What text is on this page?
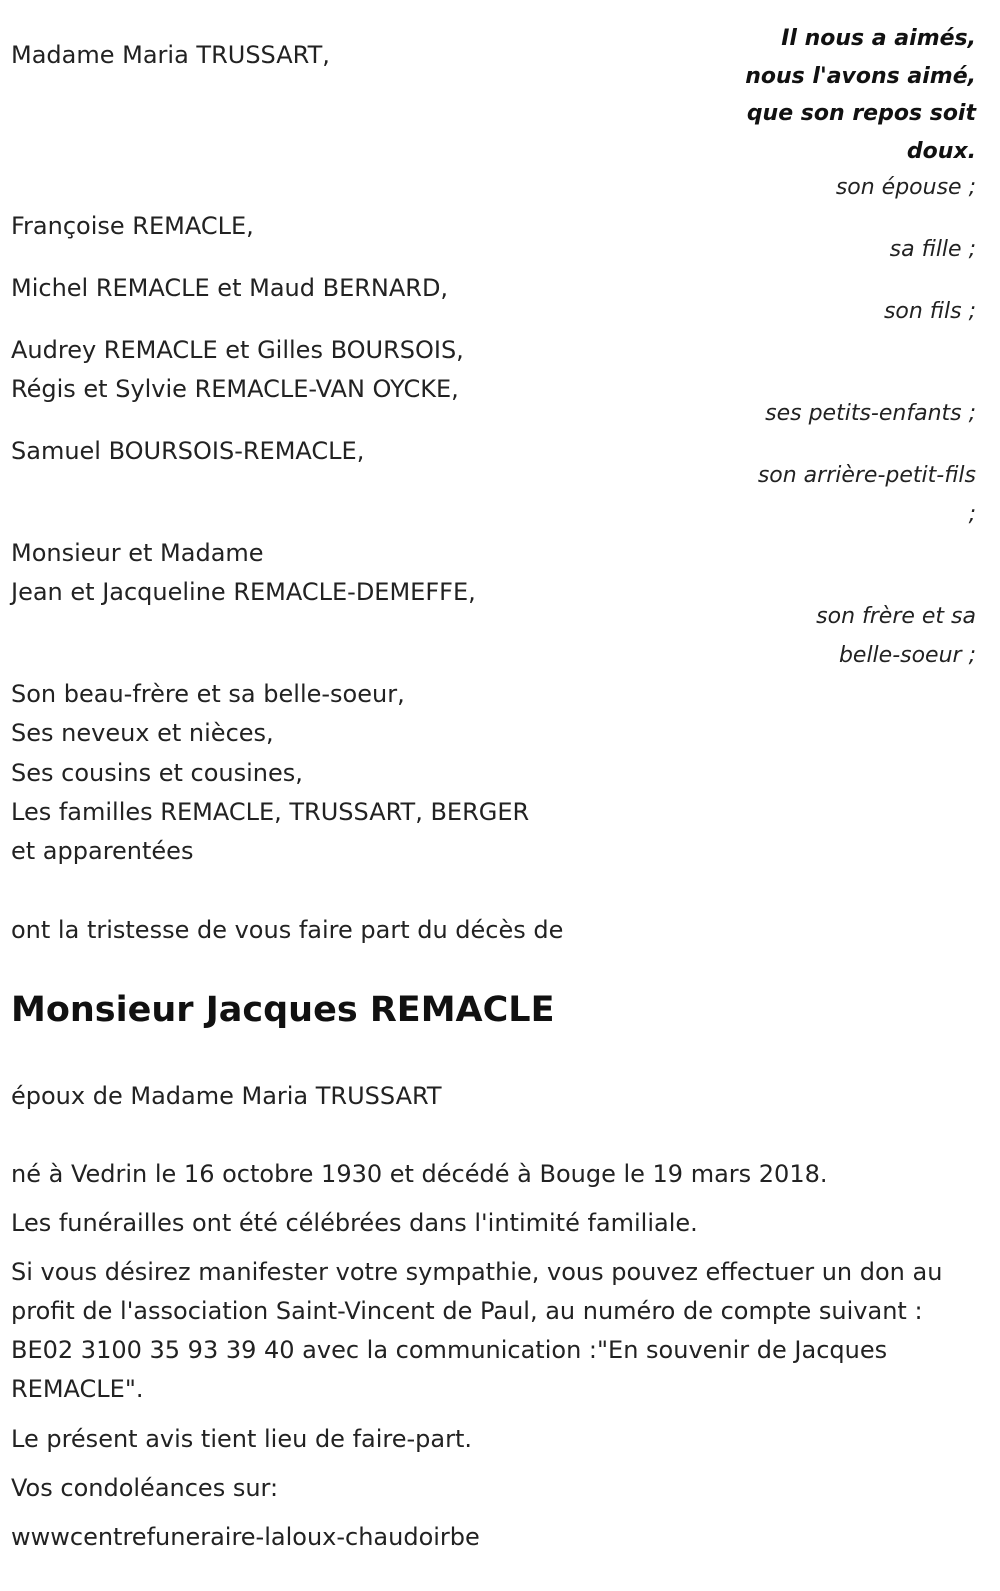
Il nous a aimés, nous l'avons aimé, que son repos soit doux.

Madame Maria TRUSSART,

son épouse ;

Françoise REMACLE,

sa fille ;

Michel REMACLE et Maud BERNARD,

son fils ;

Audrey REMACLE et Gilles BOURSOIS,

Régis et Sylvie REMACLE-VAN OYCKE,

ses petits-enfants ;

Samuel BOURSOIS-REMACLE,

son arrière-petit-fils

;

Monsieur et Madame

Jean et Jacqueline REMACLE-DEMEFFE,

son frère et sa

belle-soeur ;

Son beau-frère et sa belle-soeur,

Ses neveux et nièces,

Ses cousins et cousines,

Les familles REMACLE, TRUSSART, BERGER

et apparentées

ont la tristesse de vous faire part du décès de

Monsieur Jacques REMACLE

époux de Madame Maria TRUSSART

né à Vedrin le 16 octobre 1930 et décédé à Bouge le 19 mars 2018.

Les funérailles ont été célébrées dans l'intimité familiale.

Si vous désirez manifester votre sympathie, vous pouvez effectuer un don au profit de l'association Saint-Vincent de Paul, au numéro de compte suivant : BE02 3100 35 93 39 40 avec la communication :"En souvenir de Jacques REMACLE".

Le présent avis tient lieu de faire-part.

Vos condoléances sur:

wwwcentrefuneraire-laloux-chaudoirbe
